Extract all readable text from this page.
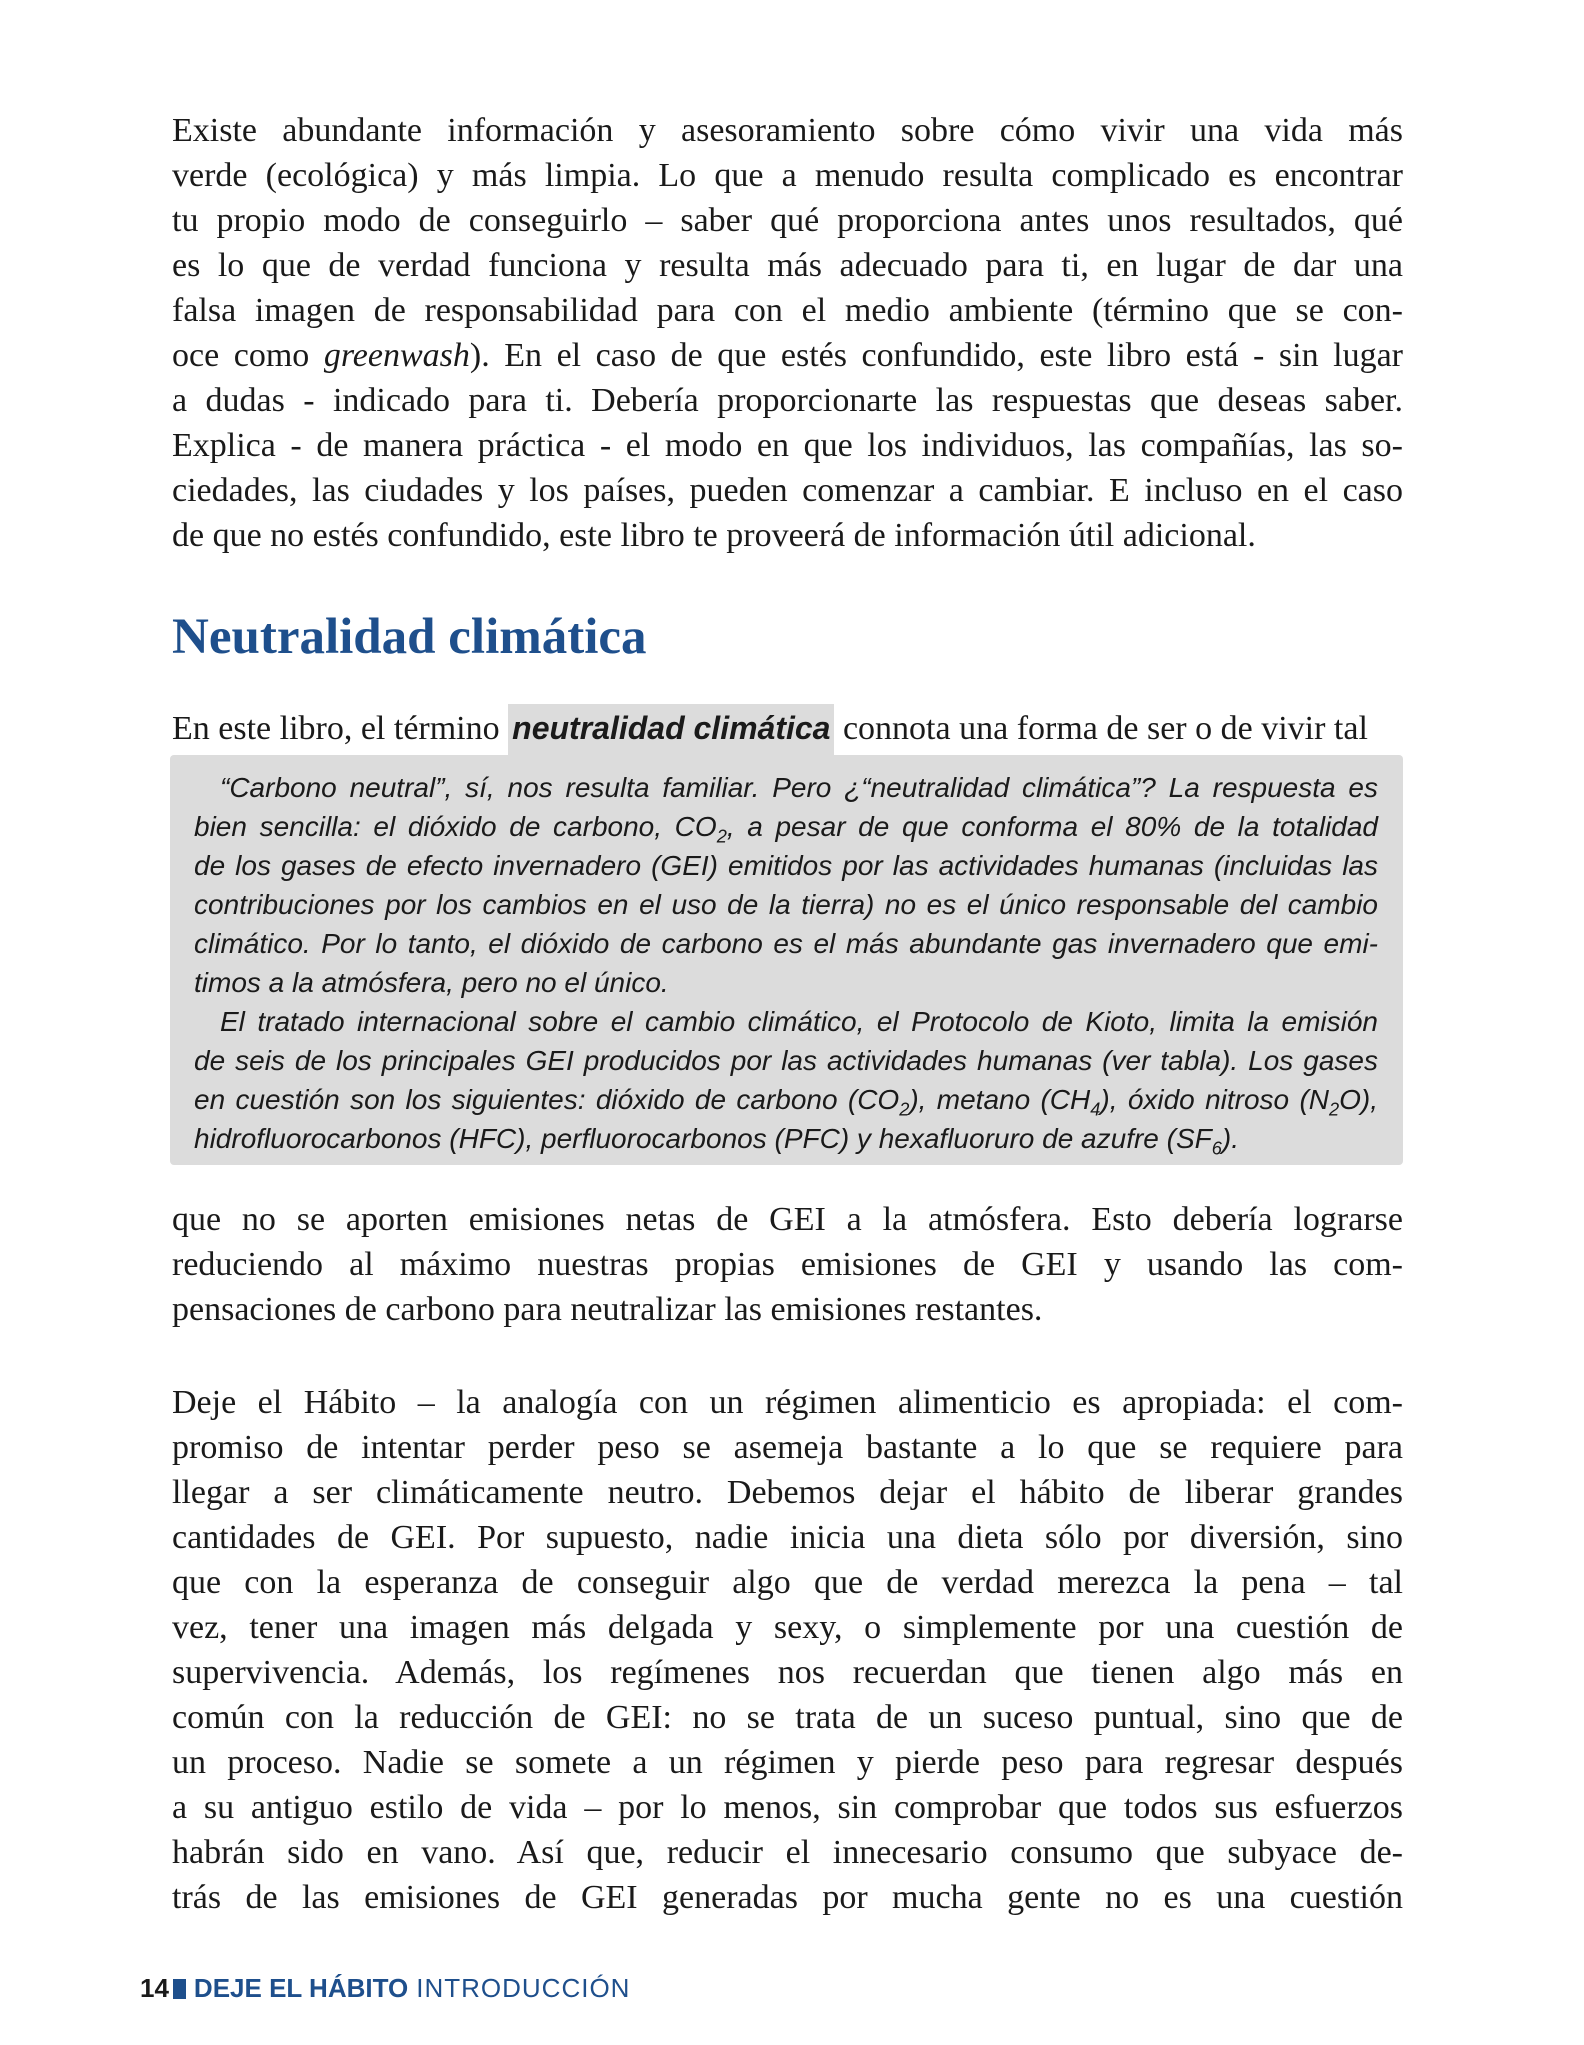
Existe abundante información y asesoramiento sobre cómo vivir una vida más
verde (ecológica) y más limpia. Lo que a menudo resulta complicado es encontrar
tu propio modo de conseguirlo – saber qué proporciona antes unos resultados, qué
es lo que de verdad funciona y resulta más adecuado para ti, en lugar de dar una
falsa imagen de responsabilidad para con el medio ambiente (término que se con-
oce como greenwash). En el caso de que estés confundido, este libro está - sin lugar
a dudas - indicado para ti. Debería proporcionarte las respuestas que deseas saber.
Explica - de manera práctica - el modo en que los individuos, las compañías, las so-
ciedades, las ciudades y los países, pueden comenzar a cambiar. E incluso en el caso
de que no estés confundido, este libro te proveerá de información útil adicional.
Neutralidad climática
En este libro, el término neutralidad climática connota una forma de ser o de vivir tal
“Carbono neutral”, sí, nos resulta familiar. Pero ¿“neutralidad climática”? La respuesta es
bien sencilla: el dióxido de carbono, $CO_2$, a pesar de que conforma el 80% de la totalidad
de los gases de efecto invernadero (GEI) emitidos por las actividades humanas (incluidas las
contribuciones por los cambios en el uso de la tierra) no es el único responsable del cambio
climático. Por lo tanto, el dióxido de carbono es el más abundante gas invernadero que emi-
timos a la atmósfera, pero no el único.
El tratado internacional sobre el cambio climático, el Protocolo de Kioto, limita la emisión
de seis de los principales GEI producidos por las actividades humanas (ver tabla). Los gases
en cuestión son los siguientes: dióxido de carbono $(CO_2)$, metano $(CH_4)$, óxido nitroso $(N_2O)$,
hidrofluorocarbonos (HFC), perfluorocarbonos (PFC) y hexafluoruro de azufre $(SF_6)$.
que no se aporten emisiones netas de GEI a la atmósfera. Esto debería lograrse
reduciendo al máximo nuestras propias emisiones de GEI y usando las com-
pensaciones de carbono para neutralizar las emisiones restantes.
Deje el Hábito – la analogía con un régimen alimenticio es apropiada: el com-
promiso de intentar perder peso se asemeja bastante a lo que se requiere para
llegar a ser climáticamente neutro. Debemos dejar el hábito de liberar grandes
cantidades de GEI. Por supuesto, nadie inicia una dieta sólo por diversión, sino
que con la esperanza de conseguir algo que de verdad merezca la pena – tal
vez, tener una imagen más delgada y sexy, o simplemente por una cuestión de
supervivencia. Además, los regímenes nos recuerdan que tienen algo más en
común con la reducción de GEI: no se trata de un suceso puntual, sino que de
un proceso. Nadie se somete a un régimen y pierde peso para regresar después
a su antiguo estilo de vida – por lo menos, sin comprobar que todos sus esfuerzos
habrán sido en vano. Así que, reducir el innecesario consumo que subyace de-
trás de las emisiones de GEI generadas por mucha gente no es una cuestión
14 DEJE EL HÁBITO INTRODUCCIÓN
